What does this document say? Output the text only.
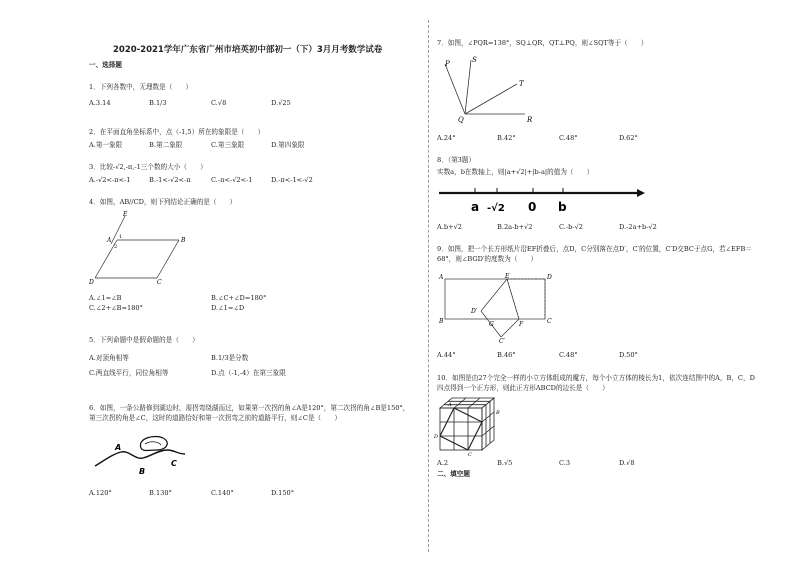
2020-2021学年广东省广州市培英初中部初一（下）3月月考数学试卷
一、选择题
1．下列各数中，无理数是（　　）
A.3.14	B.1/3	C.√8	D.√25
2．在平面直角坐标系中，点（-1,5）所在的象限是（　　）
A.第一象限	B.第二象限	C.第三象限	D.第四象限
3．比较-√2,-π,-1三个数的大小（　　）
A.-√2<-π<-1	B.-1<-√2<-π	C.-π<-√2<-1	D.-π<-1<-√2
4．如图，AB//CD，则下列结论正确的是（　　）
E
A	B
C
D
1
2
A.∠1=∠B	B.∠C+∠D=180°
C.∠2+∠B=180°	D.∠1=∠D
5．下列命题中是假命题的是（　　）
A.对顶角相等	B.1/3是分数
C.两直线平行，同位角相等	D.点（-1,-4）在第三象限
6．如图，一条公路修到湖边时，需拐弯绕湖而过，如果第一次拐的角∠A是120°，第二次拐的角∠B是150°，
第三次拐的角是∠C，这时的道路恰好和第一次拐弯之前的道路平行，则∠C是（　　）
A
B
C
A.120°	B.130°	C.140°	D.150°
7．如图，∠PQR=138°，SQ⊥QR，QT⊥PQ，则∠SQT等于（　　）
P	S
T
Q	R
A.24°	B.42°	C.48°	D.62°
8．（第3题）
实数a，b在数轴上，则|a+√2|+|b-a|的值为（　　）
a -√2 0 b
A.b+√2	B.2a-b+√2	C.-b-√2	D.-2a+b-√2
9．如图，把一个长方形纸片沿EF折叠后，点D，C分别落在点D′，C′的位置，C′D交BC于点G，若∠EFB＝
68°，则∠BGD′的度数为（　　）
A	E	D
B	G	F	C
D′
C′
A.44°	B.46°	C.48°	D.50°
10．如图是由27个完全一样的小立方体组成的魔方，每个小立方体的棱长为1，依次连结图中的A，B，C，D
四点得到一个正方形，则此正方形ABCD的边长是（　　）
A
B
C
D
A.2	B.√5	C.3	D.√8
二、填空题
